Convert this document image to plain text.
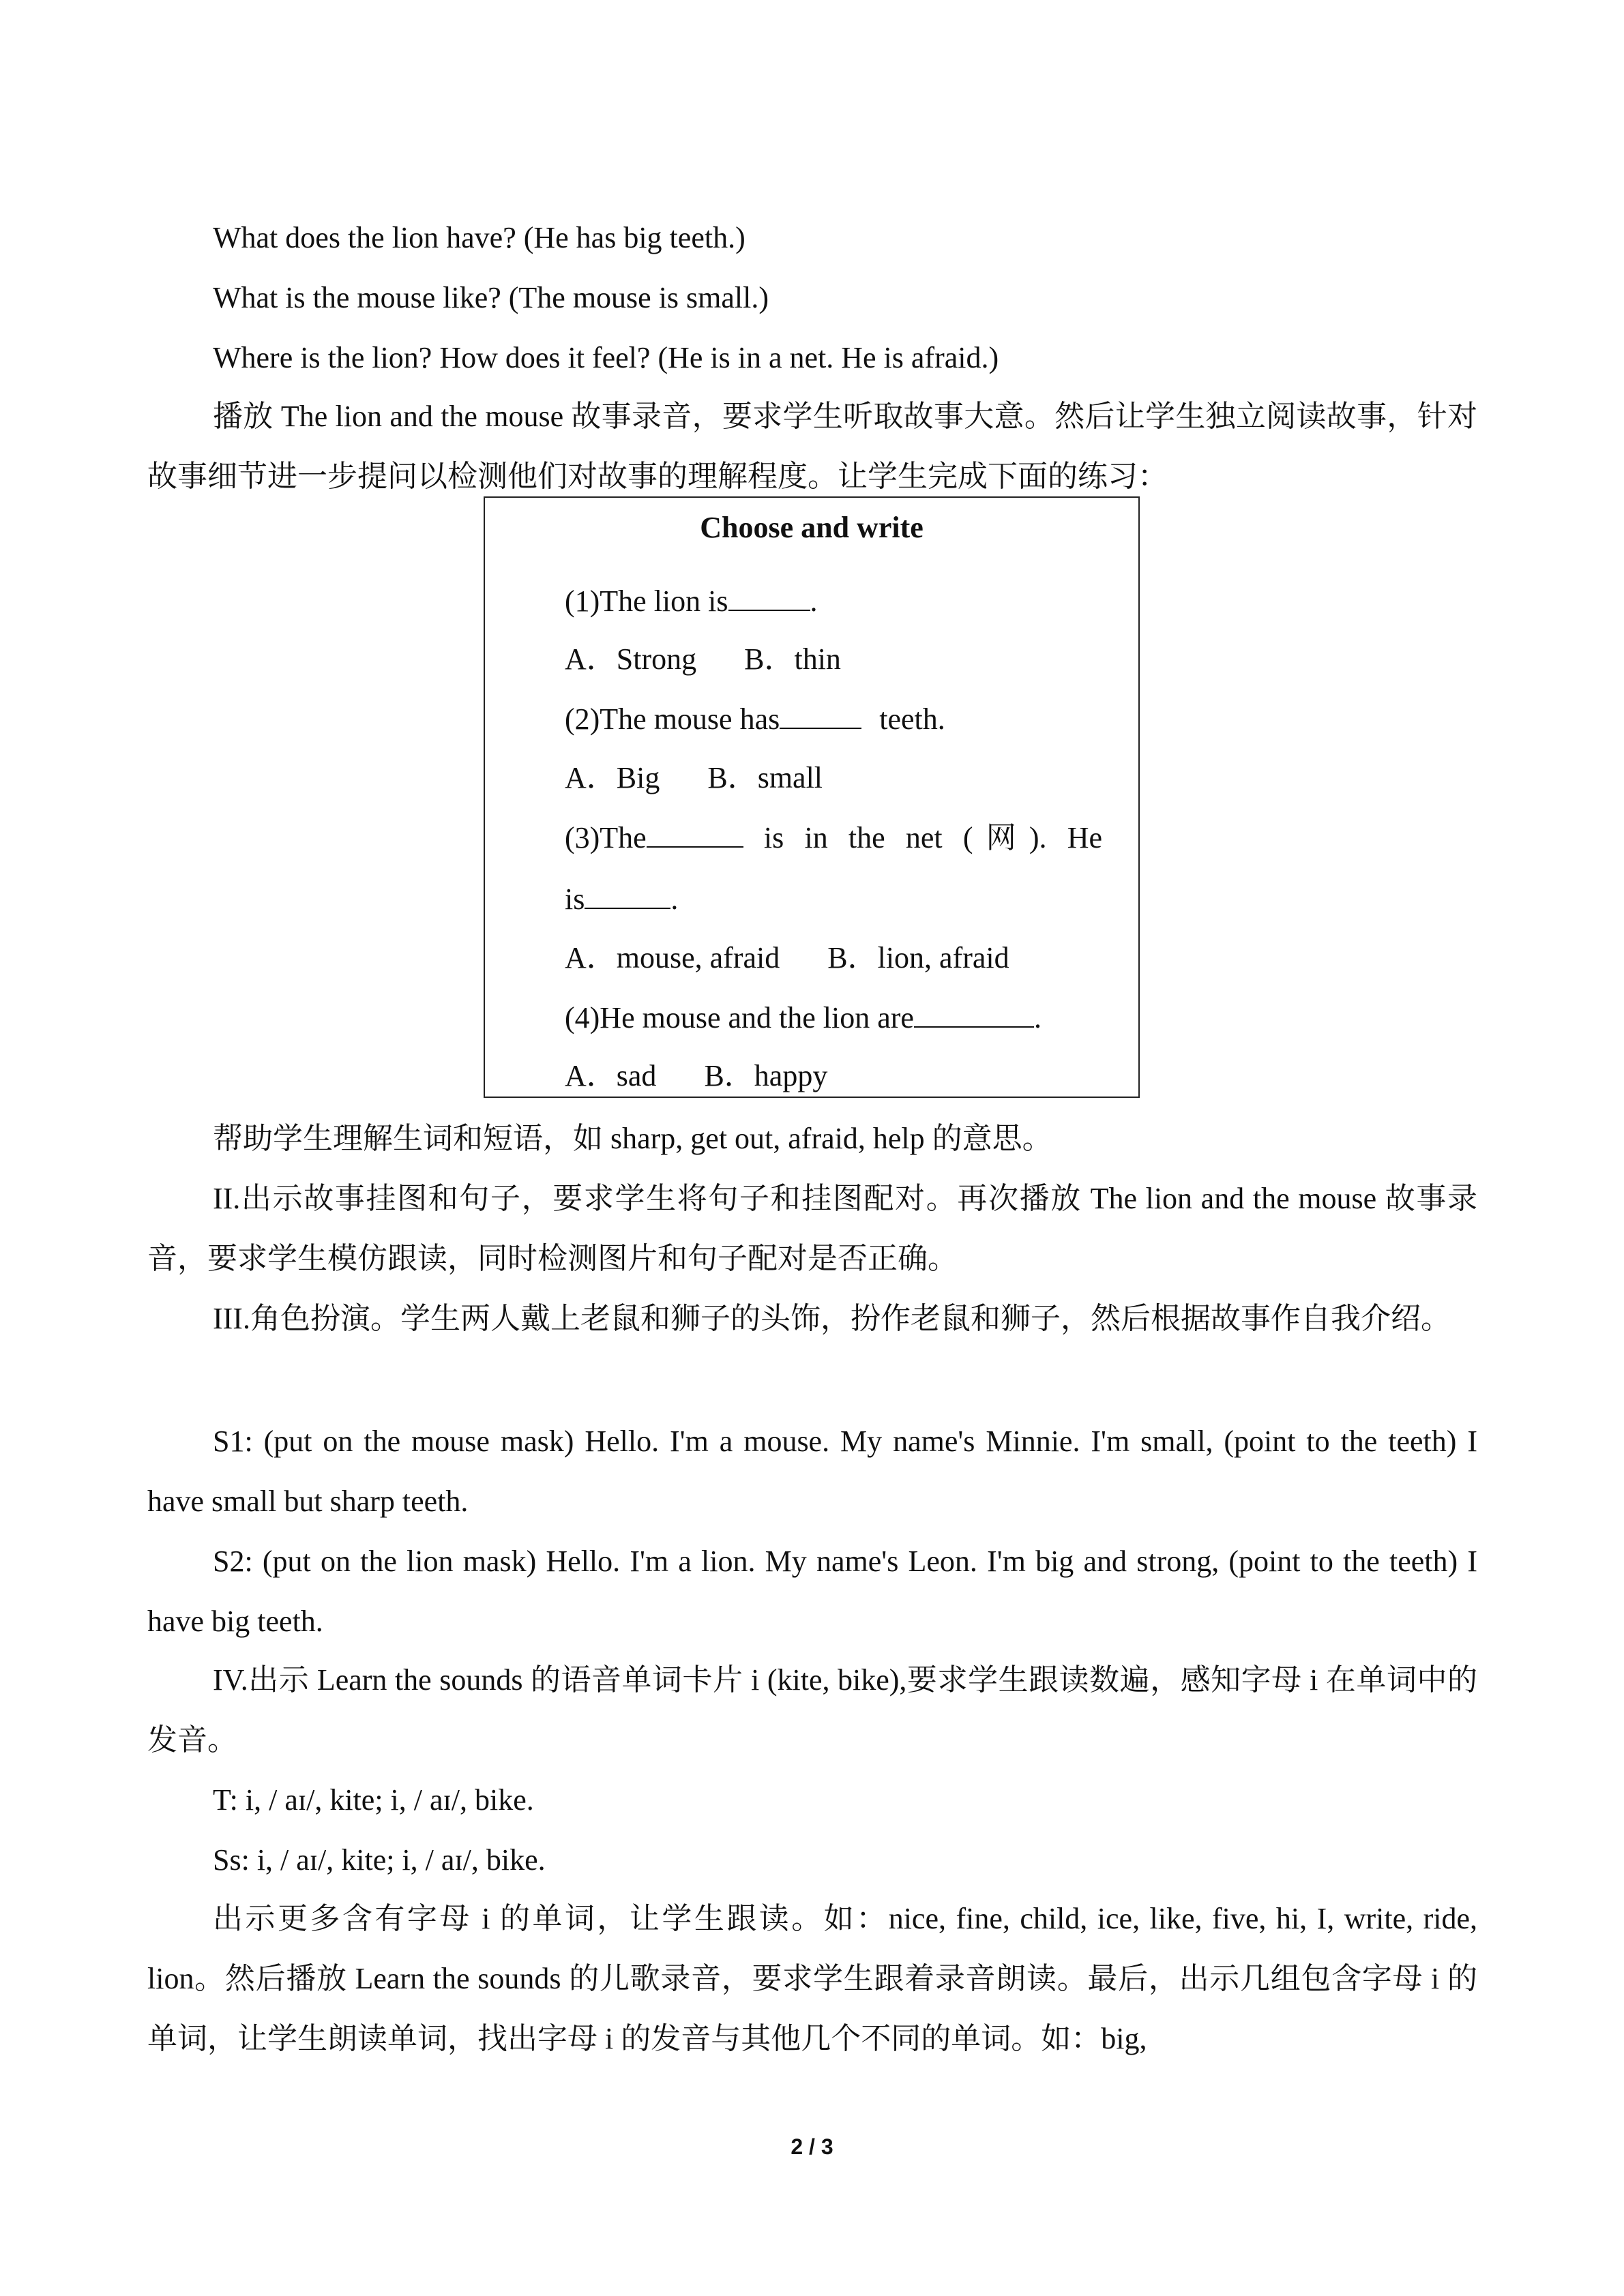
What does the lion have? (He has big teeth.)
What is the mouse like? (The mouse is small.)
Where is the lion? How does it feel? (He is in a net. He is afraid.)

播放 The lion and the mouse 故事录音，要求学生听取故事大意。然后让学生独立阅读故事，针对故事细节进一步提问以检测他们对故事的理解程度。让学生完成下面的练习：

Choose and write
(1)The lion is	.
A．Strong B．thin
(2)The mouse has	teeth.
A．Big B．small
(3)The	is in the net (网). He
is	.
A．mouse, afraid B．lion, afraid
(4)He mouse and the lion are	.
A．sad B．happy

帮助学生理解生词和短语，如 sharp, get out, afraid, help 的意思。

II.出示故事挂图和句子，要求学生将句子和挂图配对。再次播放 The lion and the mouse 故事录音，要求学生模仿跟读，同时检测图片和句子配对是否正确。

III.角色扮演。学生两人戴上老鼠和狮子的头饰，扮作老鼠和狮子，然后根据故事作自我介绍。

S1: (put on the mouse mask) Hello. I'm a mouse. My name's Minnie. I'm small, (point to the teeth) I have small but sharp teeth.

S2: (put on the lion mask) Hello. I'm a lion. My name's Leon. I'm big and strong, (point to the teeth) I have big teeth.

IV.出示 Learn the sounds 的语音单词卡片 i (kite, bike),要求学生跟读数遍，感知字母 i 在单词中的发音。

T: i, / aɪ/, kite; i, / aɪ/, bike.

Ss: i, / aɪ/, kite; i, / aɪ/, bike.

出示更多含有字母 i 的单词，让学生跟读。如：nice, fine, child, ice, like, five, hi, I, write, ride, lion。然后播放 Learn the sounds 的儿歌录音，要求学生跟着录音朗读。最后，出示几组包含字母 i 的单词，让学生朗读单词，找出字母 i 的发音与其他几个不同的单词。如：big,

2 / 3
